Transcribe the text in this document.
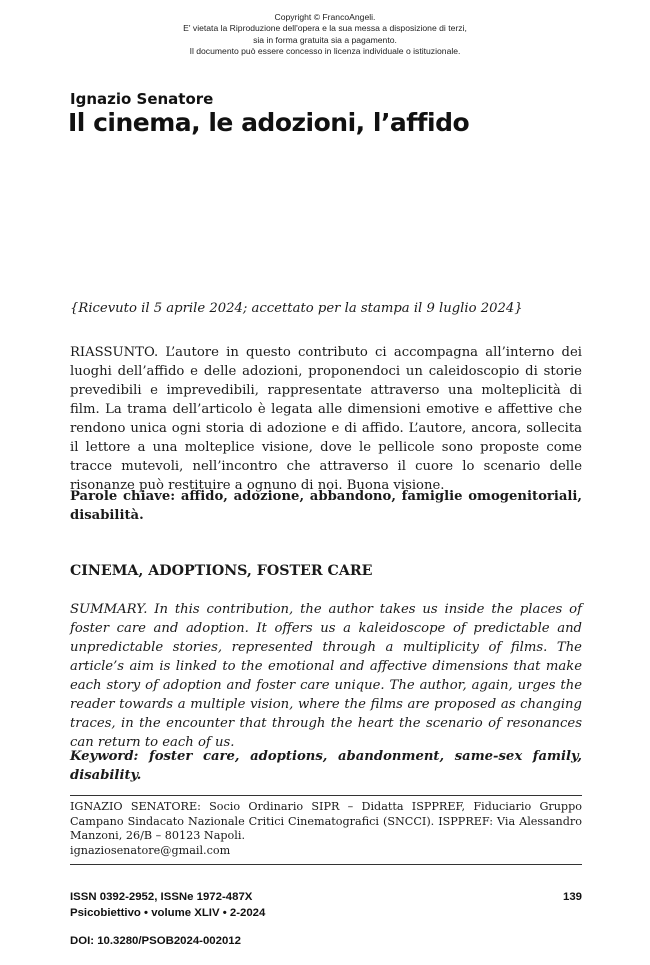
Copyright © FrancoAngeli.
E' vietata la Riproduzione dell'opera e la sua messa a disposizione di terzi,
sia in forma gratuita sia a pagamento.
Il documento può essere concesso in licenza individuale o istituzionale.
Ignazio Senatore
Il cinema, le adozioni, l’affido
{Ricevuto il 5 aprile 2024; accettato per la stampa il 9 luglio 2024}
RIASSUNTO. L’autore in questo contributo ci accompagna all’interno dei luoghi dell’affido e delle adozioni, proponendoci un caleidoscopio di storie prevedibili e imprevedibili, rappresentate attraverso una molteplicità di film. La trama dell’articolo è legata alle dimensioni emotive e affettive che rendono unica ogni storia di adozione e di affido. L’autore, ancora, sollecita il lettore a una molteplice visione, dove le pellicole sono proposte come tracce mutevoli, nell’incontro che attraverso il cuore lo scenario delle risonanze può restituire a ognuno di noi. Buona visione.
Parole chiave: affido, adozione, abbandono, famiglie omogenitoriali, disabilità.
CINEMA, ADOPTIONS, FOSTER CARE
SUMMARY. In this contribution, the author takes us inside the places of foster care and adoption. It offers us a kaleidoscope of predictable and unpredictable stories, represented through a multiplicity of films. The article’s aim is linked to the emotional and affective dimensions that make each story of adoption and foster care unique. The author, again, urges the reader towards a multiple vision, where the films are proposed as changing traces, in the encounter that through the heart the scenario of resonances can return to each of us.
Keyword: foster care, adoptions, abandonment, same-sex family, disability.
IGNAZIO SENATORE: Socio Ordinario SIPR – Didatta ISPPREF, Fiduciario Gruppo Campano Sindacato Nazionale Critici Cinematografici (SNCCI). ISPPREF: Via Alessandro Manzoni, 26/B – 80123 Napoli.
ignaziosenatore@gmail.com
ISSN 0392-2952, ISSNe 1972-487X
Psicobiettivo • volume XLIV • 2-2024
DOI: 10.3280/PSOB2024-002012
139
